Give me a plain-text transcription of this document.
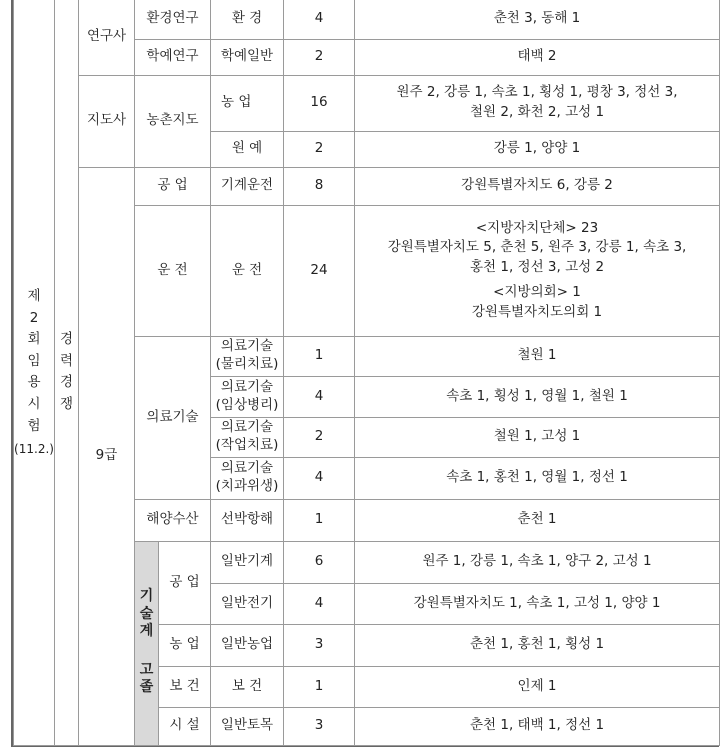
제2회 임용시험
(11.2.)	경력경쟁	연구사	환경연구		환 경	4	춘천 3, 동해 1

			학예연구		학예일반	2	태백 2

		지도사	농촌지도		농 업	16	원주 2, 강릉 1, 속초 1, 횡성 1, 평창 3, 정선 3,
철원 2, 화천 2, 고성 1

					원 예	2	강릉 1, 양양 1

		9급	공 업		기계운전	8	강원특별자치도 6, 강릉 2

			운 전		운 전	24	<지방자치단체> 23
강원특별자치도 5, 춘천 5, 원주 3, 강릉 1, 속초 3,
홍천 1, 정선 3, 고성 2
<지방의회> 1
강원특별자치도의회 1

			의료기술		의료기술
(물리치료)	1	철원 1

					의료기술
(임상병리)	4	속초 1, 횡성 1, 영월 1, 철원 1

					의료기술
(작업치료)	2	철원 1, 고성 1

					의료기술
(치과위생)	4	속초 1, 홍천 1, 영월 1, 정선 1

			해양수산		선박항해	1	춘천 1

			기술계

고졸	공 업	일반기계	6	원주 1, 강릉 1, 속초 1, 양구 2, 고성 1

					일반전기	4	강원특별자치도 1, 속초 1, 고성 1, 양양 1

				농 업	일반농업	3	춘천 1, 홍천 1, 횡성 1

				보 건	보 건	1	인제 1

				시 설	일반토목	3	춘천 1, 태백 1, 정선 1
